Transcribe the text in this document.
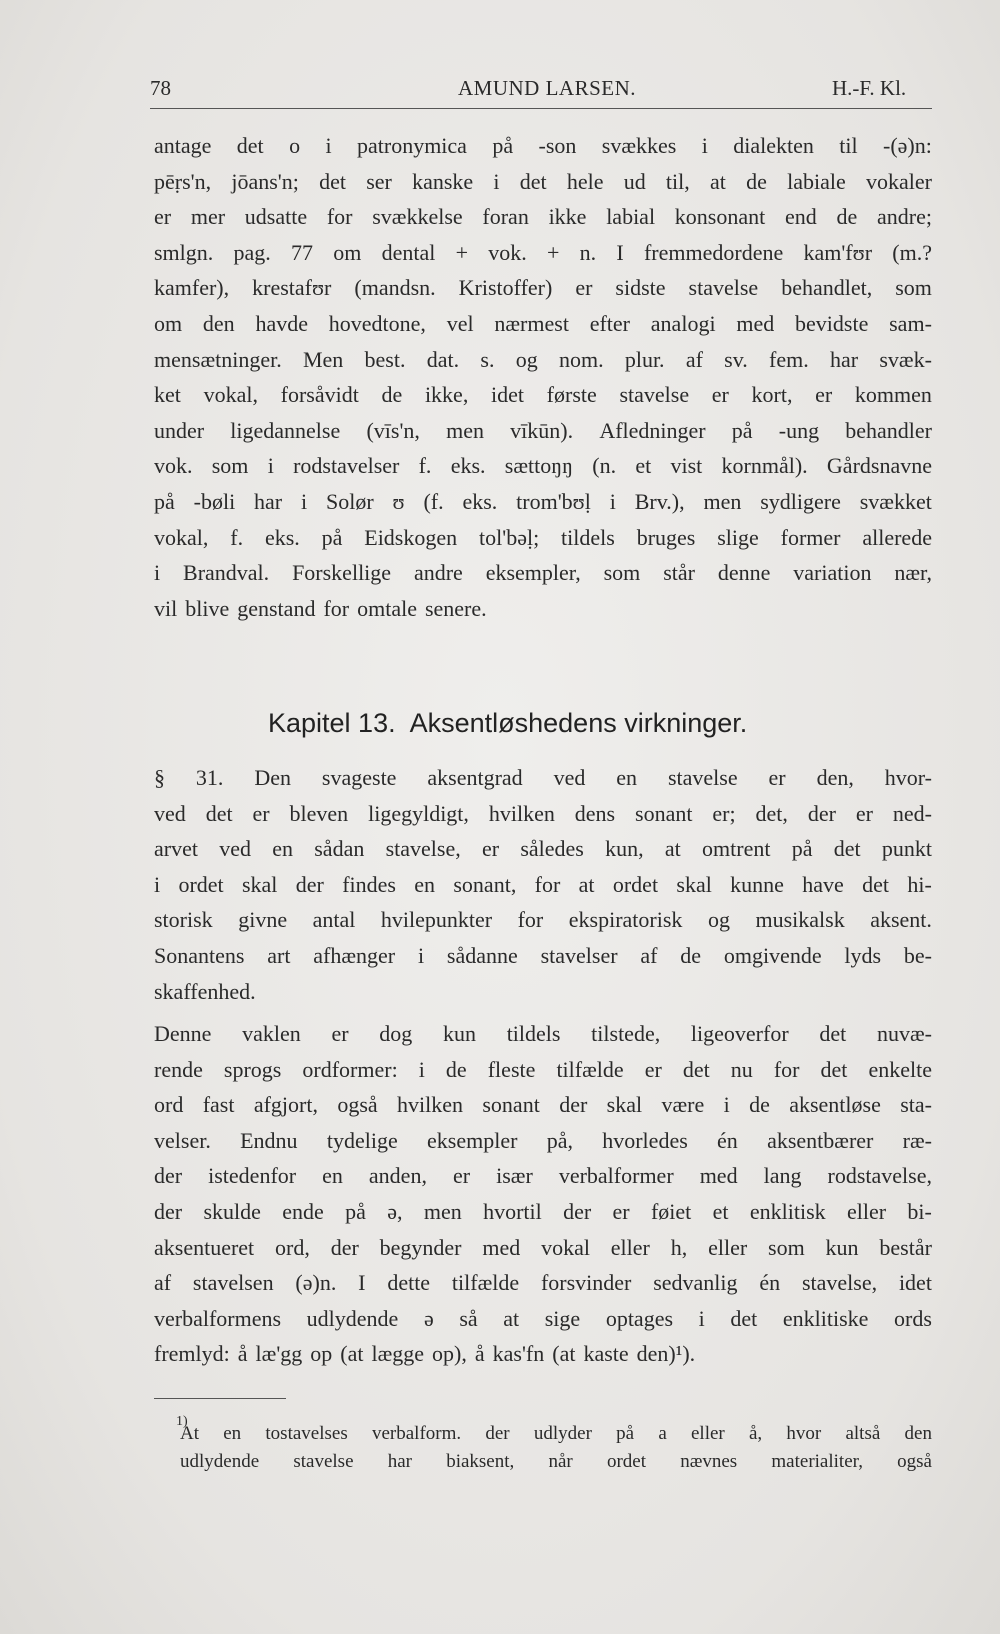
78	AMUND LARSEN.	H.-F. Kl.
antage det o i patronymica på -son svækkes i dialekten til -(ə)n:
pēṛs'n, jōans'n; det ser kanske i det hele ud til, at de labiale vokaler
er mer udsatte for svækkelse foran ikke labial konsonant end de andre;
smlgn. pag. 77 om dental + vok. + n. I fremmedordene kam'fʊr (m.?
kamfer), krestafʊr (mandsn. Kristoffer) er sidste stavelse behandlet, som
om den havde hovedtone, vel nærmest efter analogi med bevidste sam-
mensætninger. Men best. dat. s. og nom. plur. af sv. fem. har svæk-
ket vokal, forsåvidt de ikke, idet første stavelse er kort, er kommen
under ligedannelse (vīs'n, men vīkūn). Afledninger på -ung behandler
vok. som i rodstavelser f. eks. sættoŋŋ (n. et vist kornmål). Gårdsnavne
på -bøli har i Solør ʊ (f. eks. trom'bʊḷ i Brv.), men sydligere svækket
vokal, f. eks. på Eidskogen tol'bəḷ; tildels bruges slige former allerede
i Brandval. Forskellige andre eksempler, som står denne variation nær,
vil blive genstand for omtale senere.
Kapitel 13. Aksentløshedens virkninger.
§ 31. Den svageste aksentgrad ved en stavelse er den, hvor-
ved det er bleven ligegyldigt, hvilken dens sonant er; det, der er ned-
arvet ved en sådan stavelse, er således kun, at omtrent på det punkt
i ordet skal der findes en sonant, for at ordet skal kunne have det hi-
storisk givne antal hvilepunkter for ekspiratorisk og musikalsk aksent.
Sonantens art afhænger i sådanne stavelser af de omgivende lyds be-
skaffenhed.
Denne vaklen er dog kun tildels tilstede, ligeoverfor det nuvæ-
rende sprogs ordformer: i de fleste tilfælde er det nu for det enkelte
ord fast afgjort, også hvilken sonant der skal være i de aksentløse sta-
velser. Endnu tydelige eksempler på, hvorledes én aksentbærer ræ-
der istedenfor en anden, er især verbalformer med lang rodstavelse,
der skulde ende på ə, men hvortil der er føiet et enklitisk eller bi-
aksentueret ord, der begynder med vokal eller h, eller som kun består
af stavelsen (ə)n. I dette tilfælde forsvinder sedvanlig én stavelse, idet
verbalformens udlydende ə så at sige optages i det enklitiske ords
fremlyd: å læ'gg op (at lægge op), å kas'fn (at kaste den)¹).
1)
At en tostavelses verbalform. der udlyder på a eller å, hvor altså den
udlydende stavelse har biaksent, når ordet nævnes materialiter, også
